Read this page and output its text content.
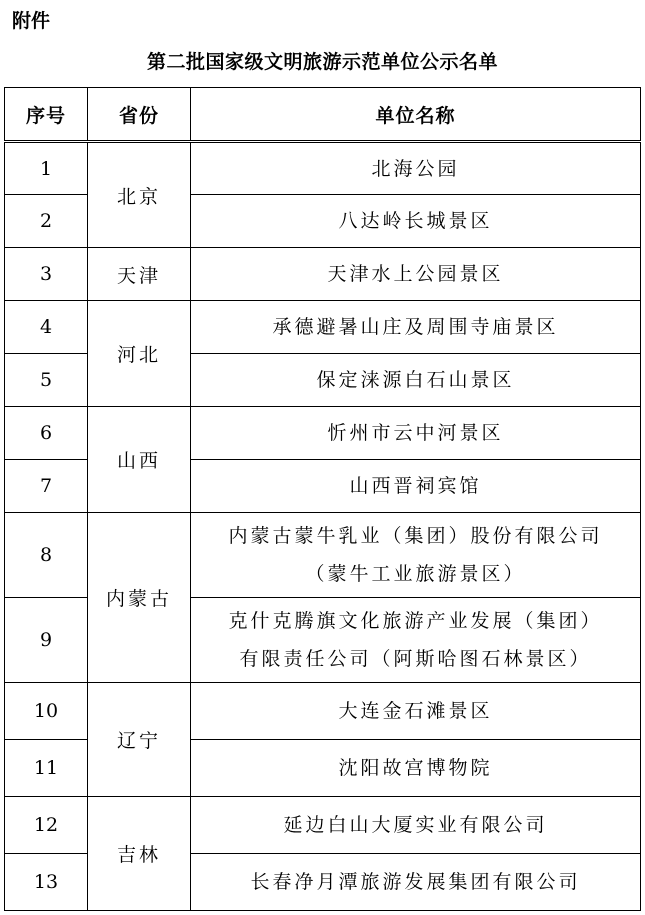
附件
第二批国家级文明旅游示范单位公示名单
序号	省份	单位名称
1	北京	北海公园

2		八达岭长城景区

3	天津	天津水上公园景区

4	河北	承德避暑山庄及周围寺庙景区

5		保定涞源白石山景区

6	山西	忻州市云中河景区

7		山西晋祠宾馆

8	内蒙古	内蒙古蒙牛乳业（集团）股份有限公司
（蒙牛工业旅游景区）

9		克什克腾旗文化旅游产业发展（集团）
有限责任公司（阿斯哈图石林景区）

10	辽宁	大连金石滩景区

11		沈阳故宫博物院

12	吉林	延边白山大厦实业有限公司

13		长春净月潭旅游发展集团有限公司
